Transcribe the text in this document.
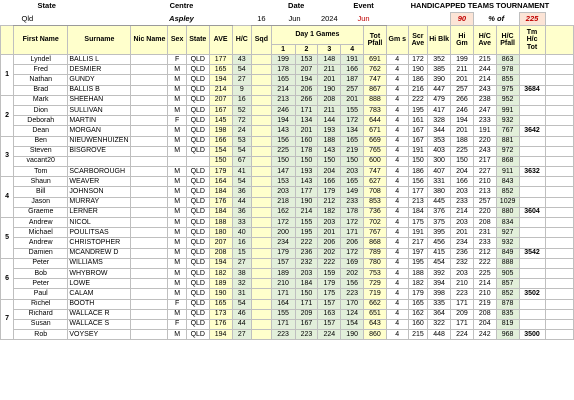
	State		Centre					Date				Event		HANDICAPPED TEAMS TOURNAMENT							
	Qld		Aspley					16	Jun		2024	Jun					90	% of		225	
	First Name	Surname	Nic Name	Sex	State	AVE	H/C	Sqd	Day 1 Games				Tot Pfall	Gm s	Scr Ave	Hi Blk	Hi Gm	H/C Ave	H/C Pfall	Tm H/c Tot	
									1	2	3	4									
1	Lyndel	BALLIS L		F	QLD	177	43		199	153	148	191	691	4	172	352	199	215	863		
	Fred	DESMIER		M	QLD	165	54		178	207	211	166	762	4	190	385	211	244	978		
	Nathan	GUNDY		M	QLD	194	27		165	194	201	187	747	4	186	390	201	214	855		
	Brad	BALLIS B		M	QLD	214	9		214	206	190	257	867	4	216	447	257	243	975	3684	
2	Mark	SHEEHAN		M	QLD	207	16		213	266	208	201	888	4	222	479	266	238	952		
	Dion	SULLIVAN		M	QLD	167	52		246	171	211	155	783	4	195	417	246	247	991		
	Deborah	MARTIN		F	QLD	145	72		194	134	144	172	644	4	161	328	194	233	932		
	Dean	MORGAN		M	QLD	198	24		143	201	193	134	671	4	167	344	201	191	767	3642	
3	Ben	NIEUWENHUIZEN		M	QLD	166	53		156	160	188	165	669	4	167	353	188	220	881		
	Steven	BISGROVE		M	QLD	154	54		225	178	143	219	765	4	191	403	225	243	972		
	vacant20					150	67		150	150	150	150	600	4	150	300	150	217	868		
	Tom	SCARBOROUGH		M	QLD	179	41		147	193	204	203	747	4	186	407	204	227	911	3632	
4	Shaun	WEAVER		M	QLD	164	54		153	143	166	165	627	4	156	331	166	210	843		
	Bill	JOHNSON		M	QLD	184	36		203	177	179	149	708	4	177	380	203	213	852		
	Jason	MURRAY		M	QLD	176	44		218	190	212	233	853	4	213	445	233	257	1029		
	Graeme	LERNER		M	QLD	184	36		162	214	182	178	736	4	184	376	214	220	880	3604	
5	Andrew	NICOL		M	QLD	188	33		172	155	203	172	702	4	175	375	203	208	834		
	Michael	POULITSAS		M	QLD	180	40		200	195	201	171	767	4	191	395	201	231	927		
	Andrew	CHRISTOPHER		M	QLD	207	16		234	222	206	206	868	4	217	456	234	233	932		
	Damien	MCANDREW D		M	QLD	208	15		179	236	202	172	789	4	197	415	236	212	849	3542	
6	Peter	WILLIAMS		M	QLD	194	27		157	232	222	169	780	4	195	454	232	222	888		
	Bob	WHYBROW		M	QLD	182	38		189	203	159	202	753	4	188	392	203	225	905		
	Peter	LOWE		M	QLD	189	32		210	184	179	156	729	4	182	394	210	214	857		
	Paul	CALAM		M	QLD	190	31		171	150	175	223	719	4	179	398	223	210	852	3502	
7	Richel	BOOTH		F	QLD	165	54		164	171	157	170	662	4	165	335	171	219	878		
	Richard	WALLACE R		M	QLD	173	46		155	209	163	124	651	4	162	364	209	208	835		
	Susan	WALLACE S		F	QLD	176	44		171	167	157	154	643	4	160	322	171	204	819		
	Rob	VOYSEY		M	QLD	194	27		223	223	224	190	860	4	215	448	224	242	968	3500	
